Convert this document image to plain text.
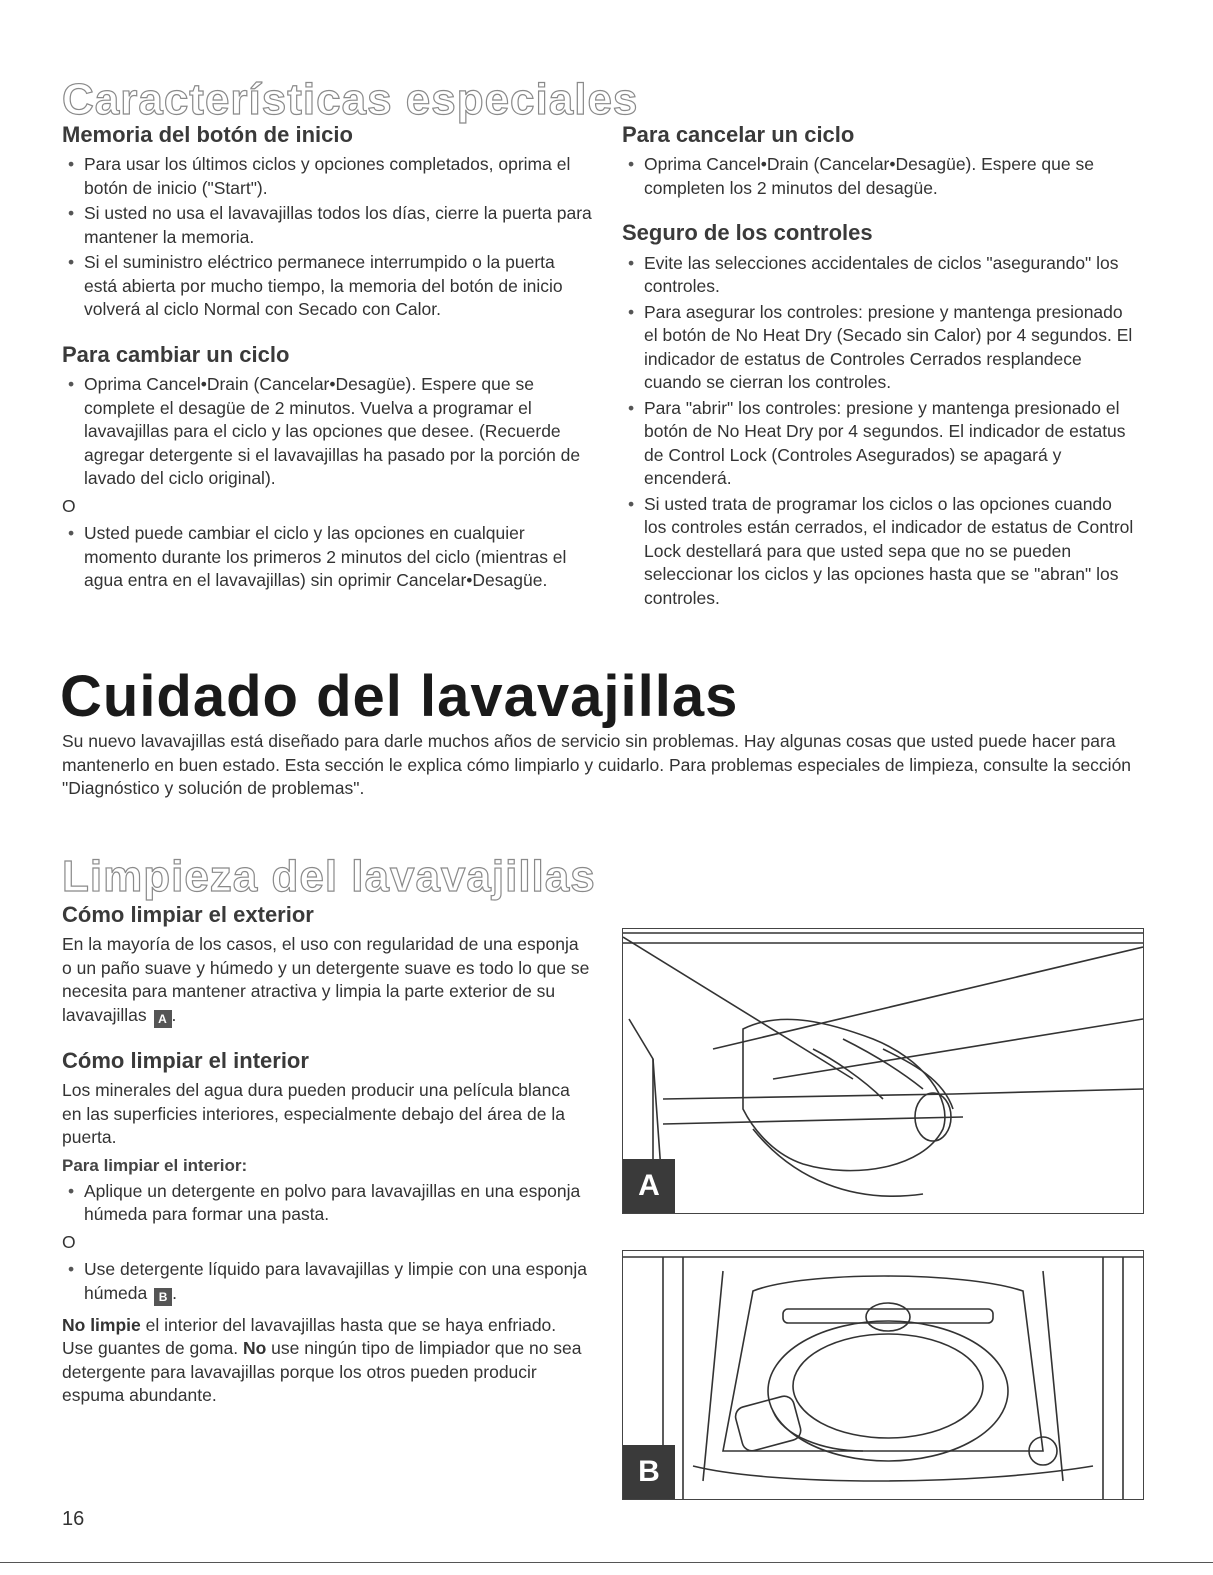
Características especiales
Memoria del botón de inicio
• Para usar los últimos ciclos y opciones completados, oprima el botón de inicio ("Start").
• Si usted no usa el lavavajillas todos los días, cierre la puerta para mantener la memoria.
• Si el suministro eléctrico permanece interrumpido o la puerta está abierta por mucho tiempo, la memoria del botón de inicio volverá al ciclo Normal con Secado con Calor.
Para cambiar un ciclo
• Oprima Cancel•Drain (Cancelar•Desagüe). Espere que se complete el desagüe de 2 minutos. Vuelva a programar el lavavajillas para el ciclo y las opciones que desee. (Recuerde agregar detergente si el lavavajillas ha pasado por la porción de lavado del ciclo original).
O
• Usted puede cambiar el ciclo y las opciones en cualquier momento durante los primeros 2 minutos del ciclo (mientras el agua entra en el lavavajillas) sin oprimir Cancelar•Desagüe.
Para cancelar un ciclo
• Oprima Cancel•Drain (Cancelar•Desagüe). Espere que se completen los 2 minutos del desagüe.
Seguro de los controles
• Evite las selecciones accidentales de ciclos "asegurando" los controles.
• Para asegurar los controles: presione y mantenga presionado el botón de No Heat Dry (Secado sin Calor) por 4 segundos. El indicador de estatus de Controles Cerrados resplandece cuando se cierran los controles.
• Para "abrir" los controles: presione y mantenga presionado el botón de No Heat Dry por 4 segundos. El indicador de estatus de Control Lock (Controles Asegurados) se apagará y encenderá.
• Si usted trata de programar los ciclos o las opciones cuando los controles están cerrados, el indicador de estatus de Control Lock destellará para que usted sepa que no se pueden seleccionar los ciclos y las opciones hasta que se "abran" los controles.
Cuidado del lavavajillas

Su nuevo lavavajillas está diseñado para darle muchos años de servicio sin problemas. Hay algunas cosas que usted puede hacer para mantenerlo en buen estado. Esta sección le explica cómo limpiarlo y cuidarlo. Para problemas especiales de limpieza, consulte la sección "Diagnóstico y solución de problemas".

Limpieza del lavavajillas
Cómo limpiar el exterior

En la mayoría de los casos, el uso con regularidad de una esponja o un paño suave y húmedo y un detergente suave es todo lo que se necesita para mantener atractiva y limpia la parte exterior de su lavavajillas A .

Cómo limpiar el interior

Los minerales del agua dura pueden producir una película blanca en las superficies interiores, especialmente debajo del área de la puerta.

Para limpiar el interior:
• Aplique un detergente en polvo para lavavajillas en una esponja húmeda para formar una pasta.
O
• Use detergente líquido para lavavajillas y limpie con una esponja húmeda B .

No limpie el interior del lavavajillas hasta que se haya enfriado. Use guantes de goma. No use ningún tipo de limpiador que no sea detergente para lavavajillas porque los otros pueden producir espuma abundante.

A
B
16
